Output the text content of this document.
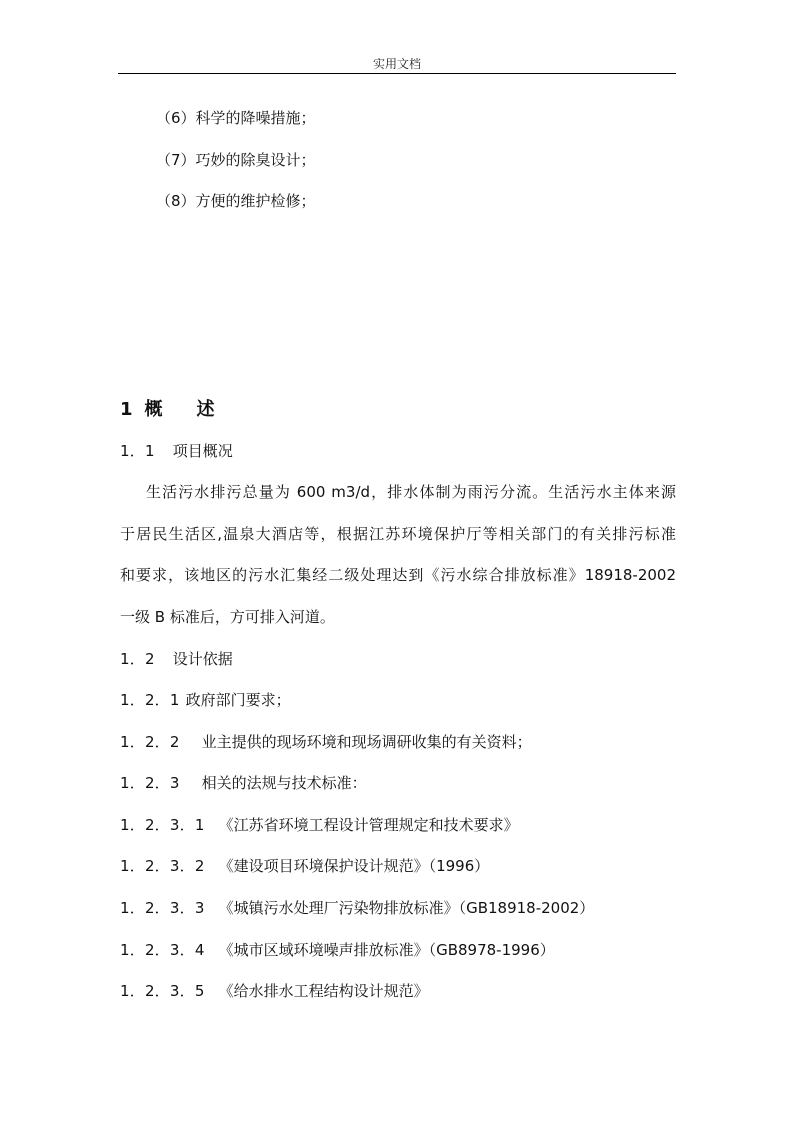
实用文档
（6）科学的降噪措施；
（7）巧妙的除臭设计；
（8）方便的维护检修；
1 概 述
1．1 项目概况
生活污水排污总量为 600 m3/d，排水体制为雨污分流。生活污水主体来源
于居民生活区,温泉大酒店等，根据江苏环境保护厅等相关部门的有关排污标准
和要求，该地区的污水汇集经二级处理达到《污水综合排放标准》18918-2002
一级 B 标准后，方可排入河道。
1．2 设计依据
1．2．1 政府部门要求；
1．2．2 业主提供的现场环境和现场调研收集的有关资料；
1．2．3 相关的法规与技术标准：
1．2．3．1 《江苏省环境工程设计管理规定和技术要求》
1．2．3．2 《建设项目环境保护设计规范》（1996）
1．2．3．3 《城镇污水处理厂污染物排放标准》（GB18918-2002）
1．2．3．4 《城市区域环境噪声排放标准》（GB8978-1996）
1．2．3．5 《给水排水工程结构设计规范》
